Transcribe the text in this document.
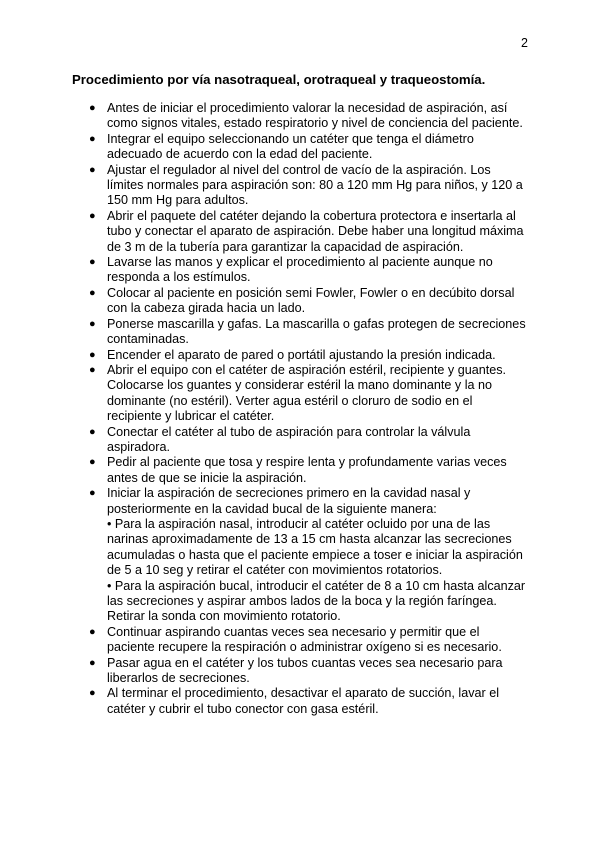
2
Procedimiento por vía nasotraqueal, orotraqueal y traqueostomía.
● Antes de iniciar el procedimiento valorar la necesidad de aspiración, así como signos vitales, estado respiratorio y nivel de conciencia del paciente.
● Integrar el equipo seleccionando un catéter que tenga el diámetro adecuado de acuerdo con la edad del paciente.
● Ajustar el regulador al nivel del control de vacío de la aspiración. Los límites normales para aspiración son: 80 a 120 mm Hg para niños, y 120 a 150 mm Hg para adultos.
● Abrir el paquete del catéter dejando la cobertura protectora e insertarla al tubo y conectar el aparato de aspiración. Debe haber una longitud máxima de 3 m de la tubería para garantizar la capacidad de aspiración.
● Lavarse las manos y explicar el procedimiento al paciente aunque no responda a los estímulos.
● Colocar al paciente en posición semi Fowler, Fowler o en decúbito dorsal con la cabeza girada hacia un lado.
● Ponerse mascarilla y gafas. La mascarilla o gafas protegen de secreciones contaminadas.
● Encender el aparato de pared o portátil ajustando la presión indicada.
● Abrir el equipo con el catéter de aspiración estéril, recipiente y guantes. Colocarse los guantes y considerar estéril la mano dominante y la no dominante (no estéril). Verter agua estéril o cloruro de sodio en el recipiente y lubricar el catéter.
● Conectar el catéter al tubo de aspiración para controlar la válvula aspiradora.
● Pedir al paciente que tosa y respire lenta y profundamente varias veces antes de que se inicie la aspiración.
● Iniciar la aspiración de secreciones primero en la cavidad nasal y posteriormente en la cavidad bucal de la siguiente manera:
• Para la aspiración nasal, introducir al catéter ocluido por una de las narinas aproximadamente de 13 a 15 cm hasta alcanzar las secreciones acumuladas o hasta que el paciente empiece a toser e iniciar la aspiración de 5 a 10 seg y retirar el catéter con movimientos rotatorios.
• Para la aspiración bucal, introducir el catéter de 8 a 10 cm hasta alcanzar las secreciones y aspirar ambos lados de la boca y la región faríngea. Retirar la sonda con movimiento rotatorio.
● Continuar aspirando cuantas veces sea necesario y permitir que el paciente recupere la respiración o administrar oxígeno si es necesario.
● Pasar agua en el catéter y los tubos cuantas veces sea necesario para liberarlos de secreciones.
● Al terminar el procedimiento, desactivar el aparato de succión, lavar el catéter y cubrir el tubo conector con gasa estéril.
